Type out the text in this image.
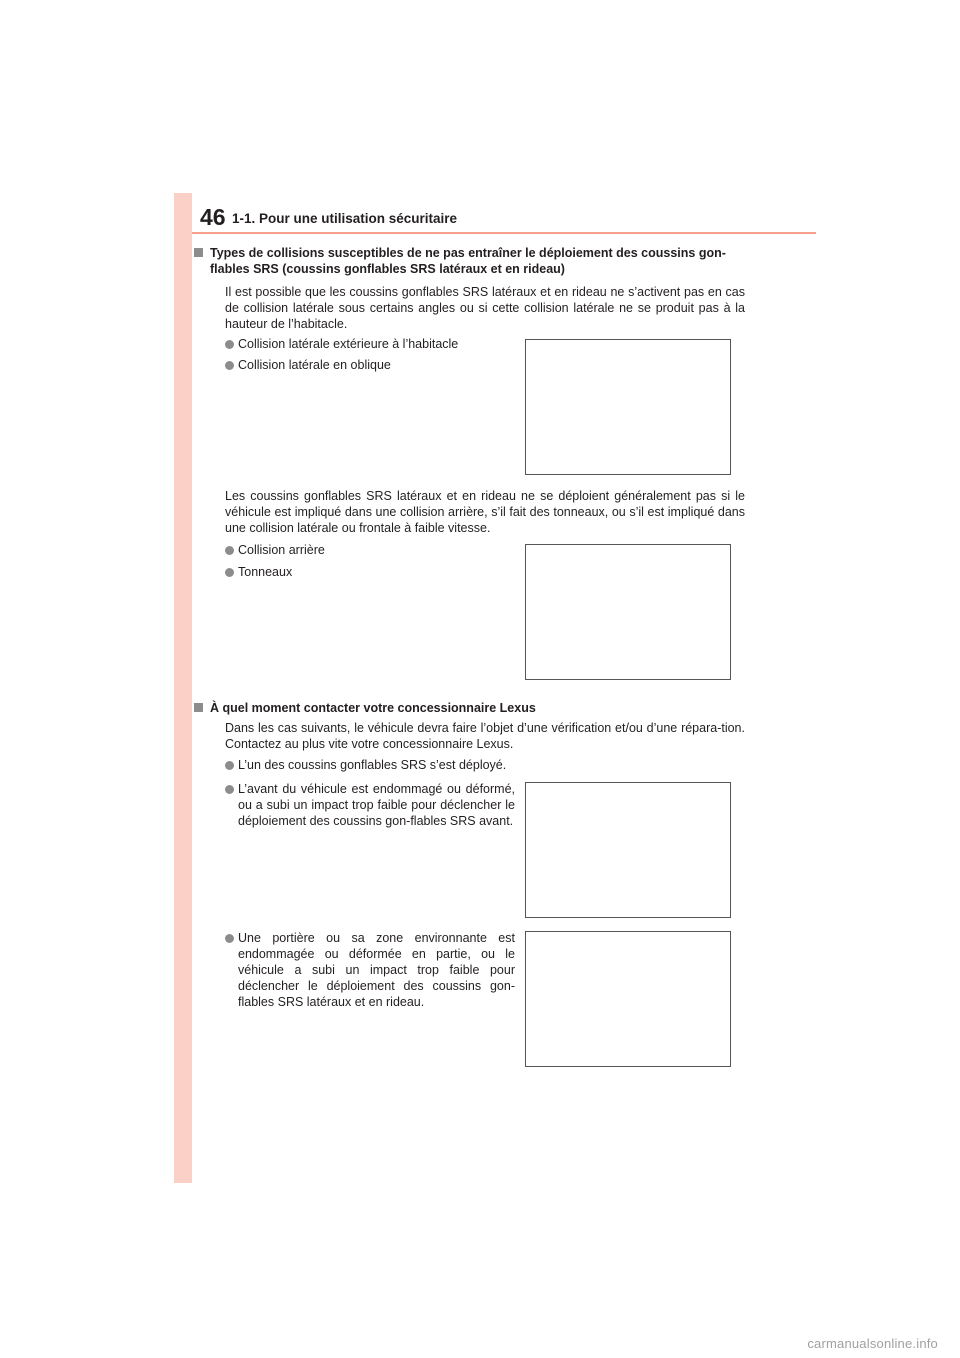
46 1-1. Pour une utilisation sécuritaire
Types de collisions susceptibles de ne pas entraîner le déploiement des coussins gon-flables SRS (coussins gonflables SRS latéraux et en rideau)
Il est possible que les coussins gonflables SRS latéraux et en rideau ne s’activent pas en cas de collision latérale sous certains angles ou si cette collision latérale ne se produit pas à la hauteur de l’habitacle.
Collision latérale extérieure à l’habitacle
Collision latérale en oblique
Les coussins gonflables SRS latéraux et en rideau ne se déploient généralement pas si le véhicule est impliqué dans une collision arrière, s’il fait des tonneaux, ou s’il est impliqué dans une collision latérale ou frontale à faible vitesse.
Collision arrière
Tonneaux
À quel moment contacter votre concessionnaire Lexus
Dans les cas suivants, le véhicule devra faire l’objet d’une vérification et/ou d’une répara-tion. Contactez au plus vite votre concessionnaire Lexus.
L’un des coussins gonflables SRS s’est déployé.
L’avant du véhicule est endommagé ou déformé, ou a subi un impact trop faible pour déclencher le déploiement des coussins gon-flables SRS avant.
Une portière ou sa zone environnante est endommagée ou déformée en partie, ou le véhicule a subi un impact trop faible pour déclencher le déploiement des coussins gon-flables SRS latéraux et en rideau.
carmanualsonline.info
